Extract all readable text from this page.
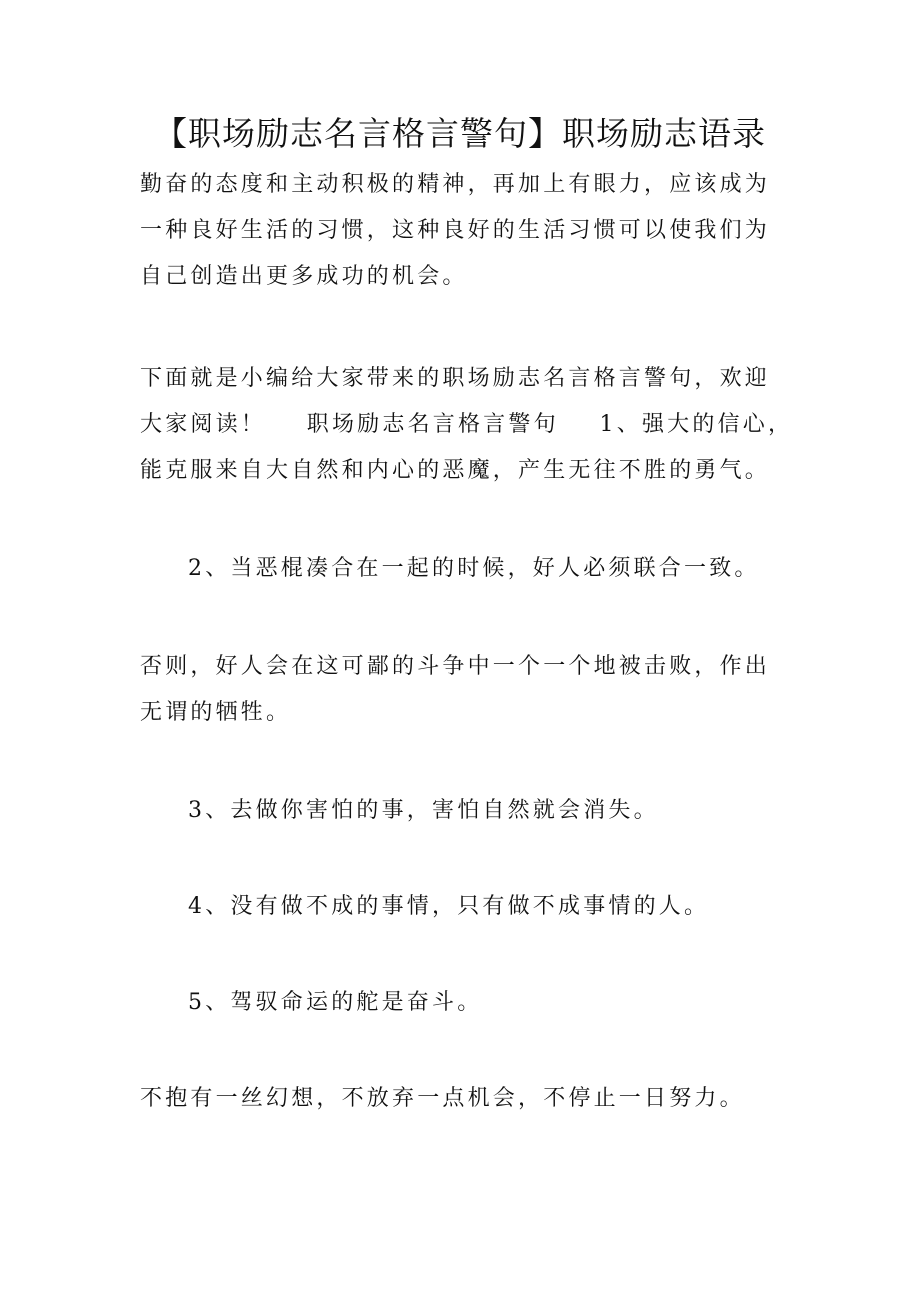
【职场励志名言格言警句】职场励志语录
勤奋的态度和主动积极的精神，再加上有眼力，应该成为
一种良好生活的习惯，这种良好的生活习惯可以使我们为
自己创造出更多成功的机会。
下面就是小编给大家带来的职场励志名言格言警句，欢迎
大家阅读！    职场励志名言格言警句    1、强大的信心，
能克服来自大自然和内心的恶魔，产生无往不胜的勇气。
2、当恶棍凑合在一起的时候，好人必须联合一致。
否则，好人会在这可鄙的斗争中一个一个地被击败，作出
无谓的牺牲。
3、去做你害怕的事，害怕自然就会消失。
4、没有做不成的事情，只有做不成事情的人。
5、驾驭命运的舵是奋斗。
不抱有一丝幻想，不放弃一点机会，不停止一日努力。
